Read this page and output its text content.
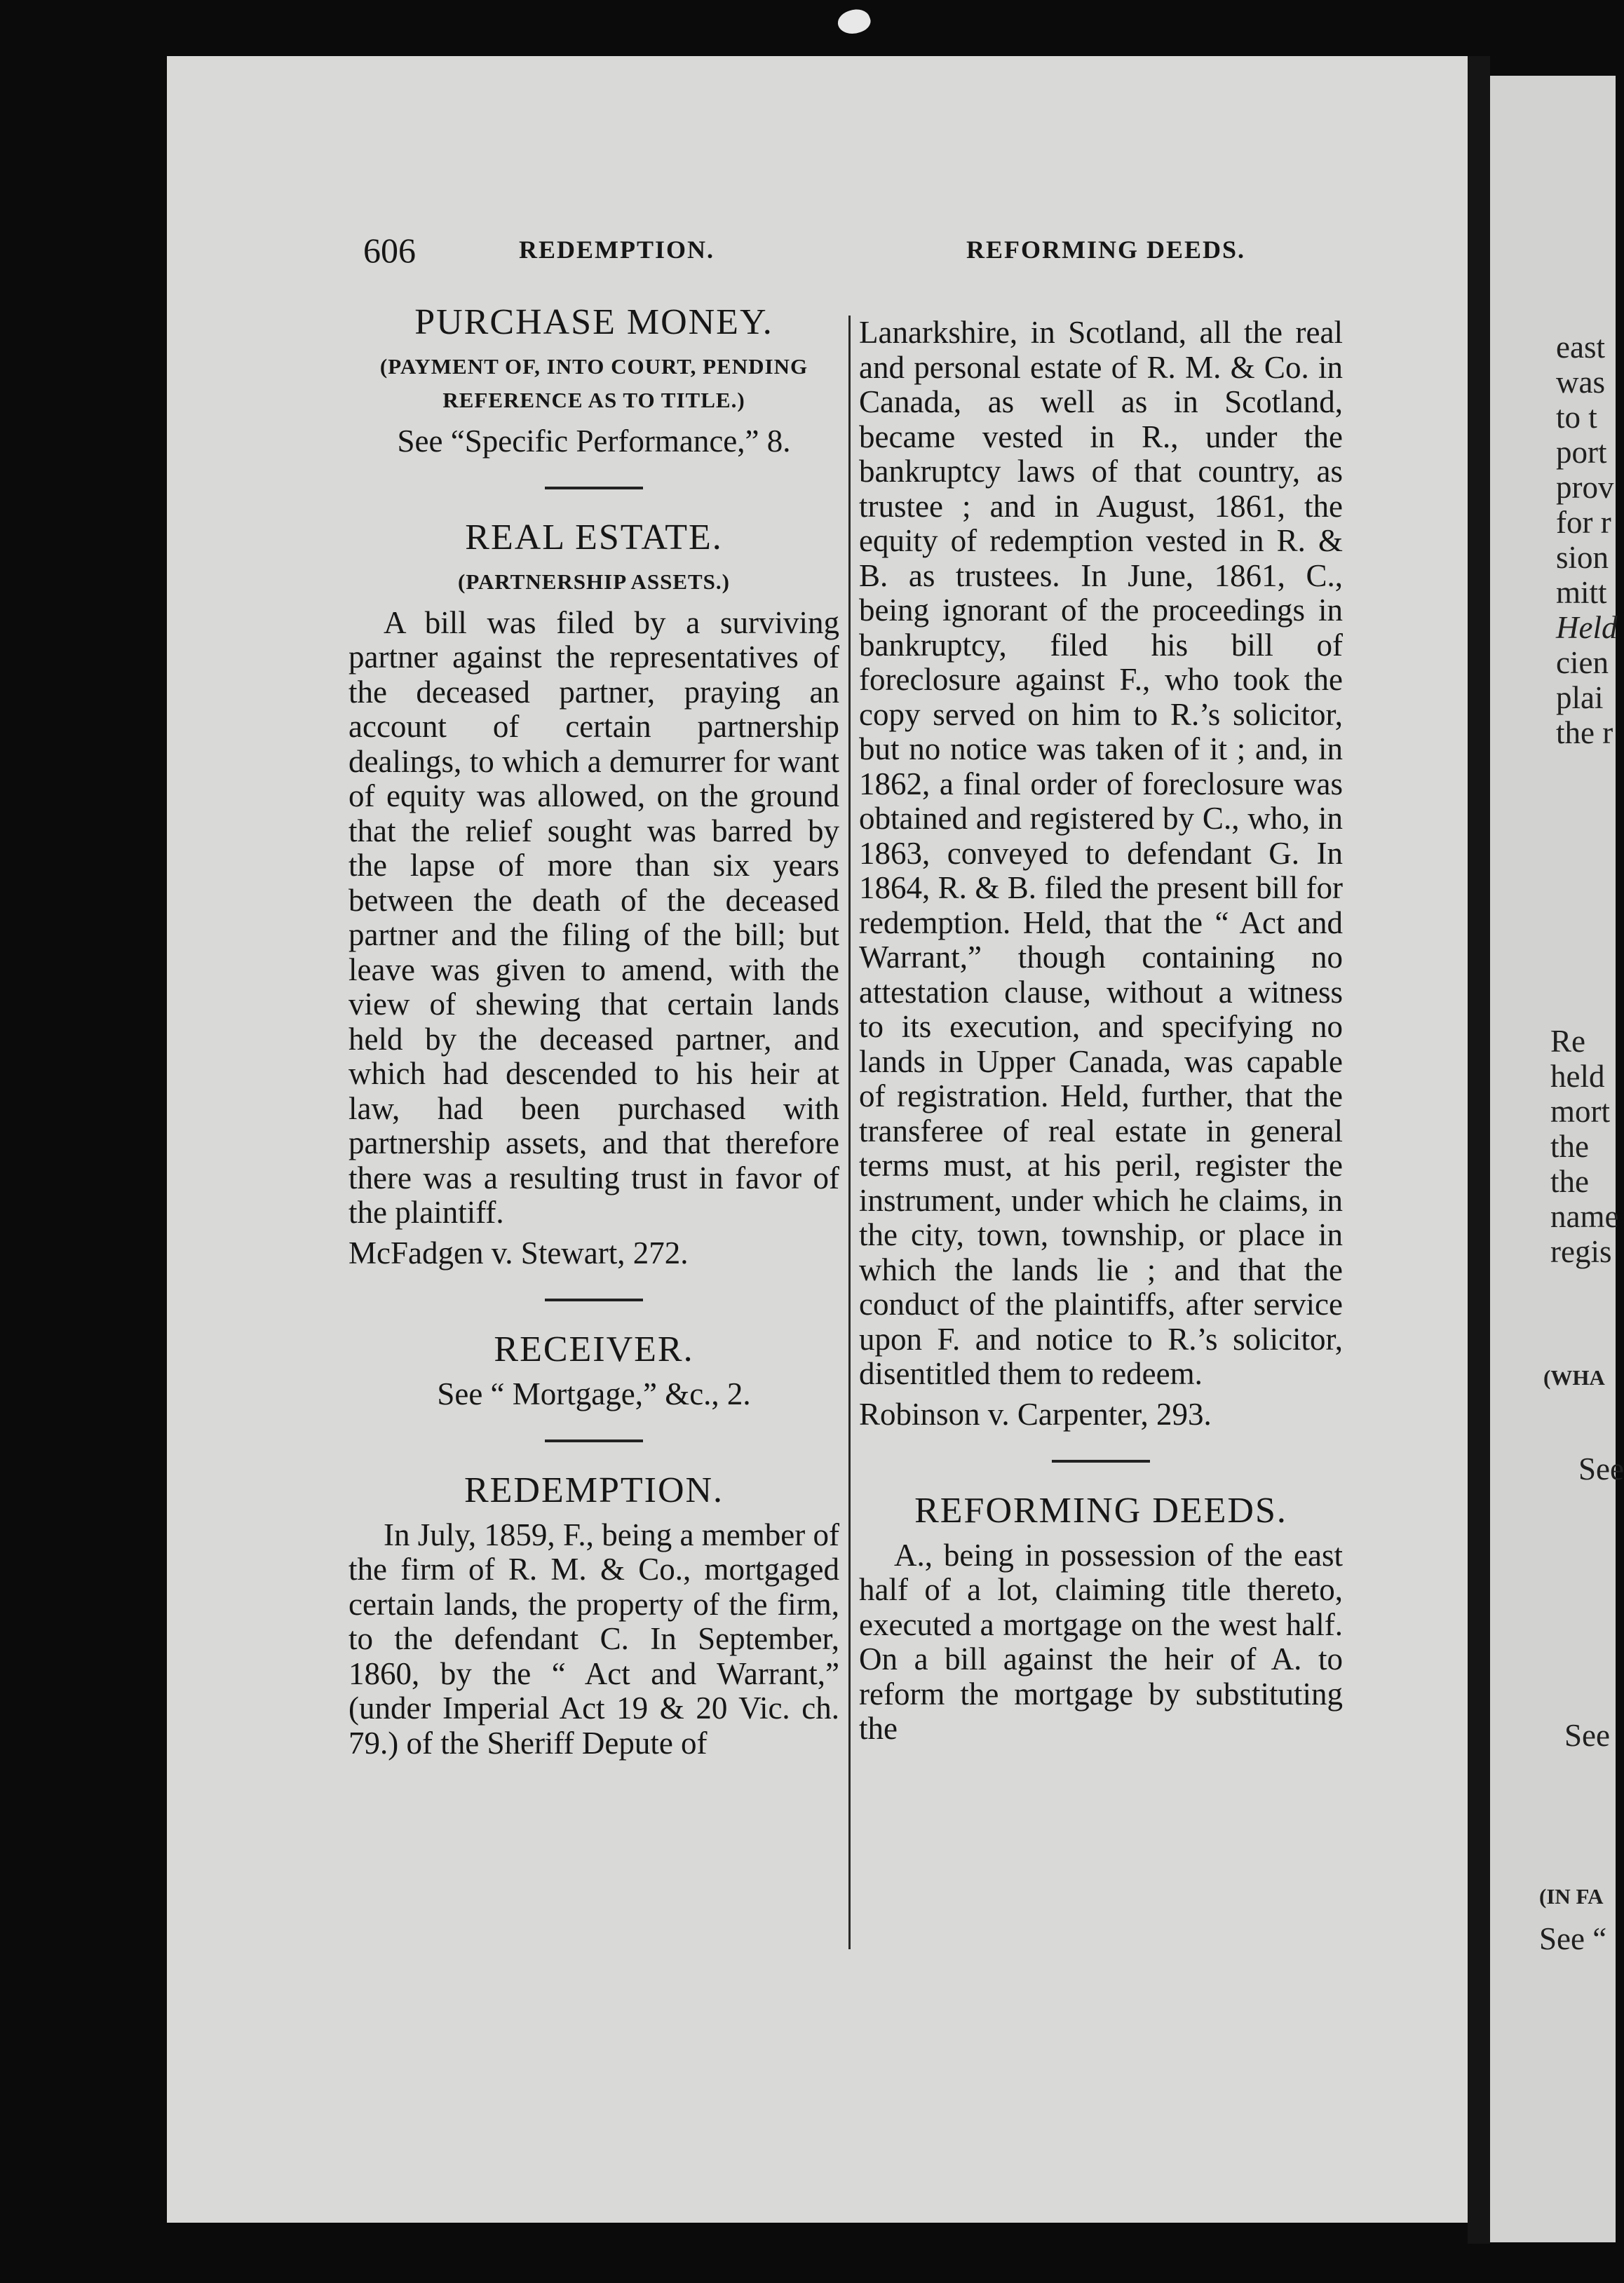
east
was
to t
port
prov
for r
sion
mitt
Held
cien
plai
the r
Re
held
mort
the
the
name
regis
(WHA
See
See
(IN FA
See “
606	REDEMPTION.	REFORMING DEEDS.
PURCHASE MONEY.
(PAYMENT OF, INTO COURT, PENDING REFERENCE AS TO TITLE.)
See “Specific Performance,” 8.
REAL ESTATE.
(PARTNERSHIP ASSETS.)

A bill was filed by a surviving partner against the representatives of the deceased partner, praying an account of certain partnership dealings, to which a demurrer for want of equity was allowed, on the ground that the relief sought was barred by the lapse of more than six years between the death of the deceased partner and the filing of the bill; but leave was given to amend, with the view of shewing that certain lands held by the deceased partner, and which had descended to his heir at law, had been purchased with partnership assets, and that therefore there was a resulting trust in favor of the plaintiff.

McFadgen v. Stewart, 272.

RECEIVER.
See “ Mortgage,” &c., 2.
REDEMPTION.

In July, 1859, F., being a member of the firm of R. M. & Co., mortgaged certain lands, the property of the firm, to the defendant C. In September, 1860, by the “ Act and Warrant,” (under Imperial Act 19 & 20 Vic. ch. 79.) of the Sheriff Depute of

Lanarkshire, in Scotland, all the real and personal estate of R. M. & Co. in Canada, as well as in Scotland, became vested in R., under the bankruptcy laws of that country, as trustee ; and in August, 1861, the equity of redemption vested in R. & B. as trustees. In June, 1861, C., being ignorant of the proceedings in bankruptcy, filed his bill of foreclosure against F., who took the copy served on him to R.’s solicitor, but no notice was taken of it ; and, in 1862, a final order of foreclosure was obtained and registered by C., who, in 1863, conveyed to defendant G. In 1864, R. & B. filed the present bill for redemption. Held, that the “ Act and Warrant,” though containing no attestation clause, without a witness to its execution, and specifying no lands in Upper Canada, was capable of registration. Held, further, that the transferee of real estate in general terms must, at his peril, register the instrument, under which he claims, in the city, town, township, or place in which the lands lie ; and that the conduct of the plaintiffs, after service upon F. and notice to R.’s solicitor, disentitled them to redeem.

Robinson v. Carpenter, 293.

REFORMING DEEDS.

A., being in possession of the east half of a lot, claiming title thereto, executed a mortgage on the west half. On a bill against the heir of A. to reform the mortgage by substituting the
